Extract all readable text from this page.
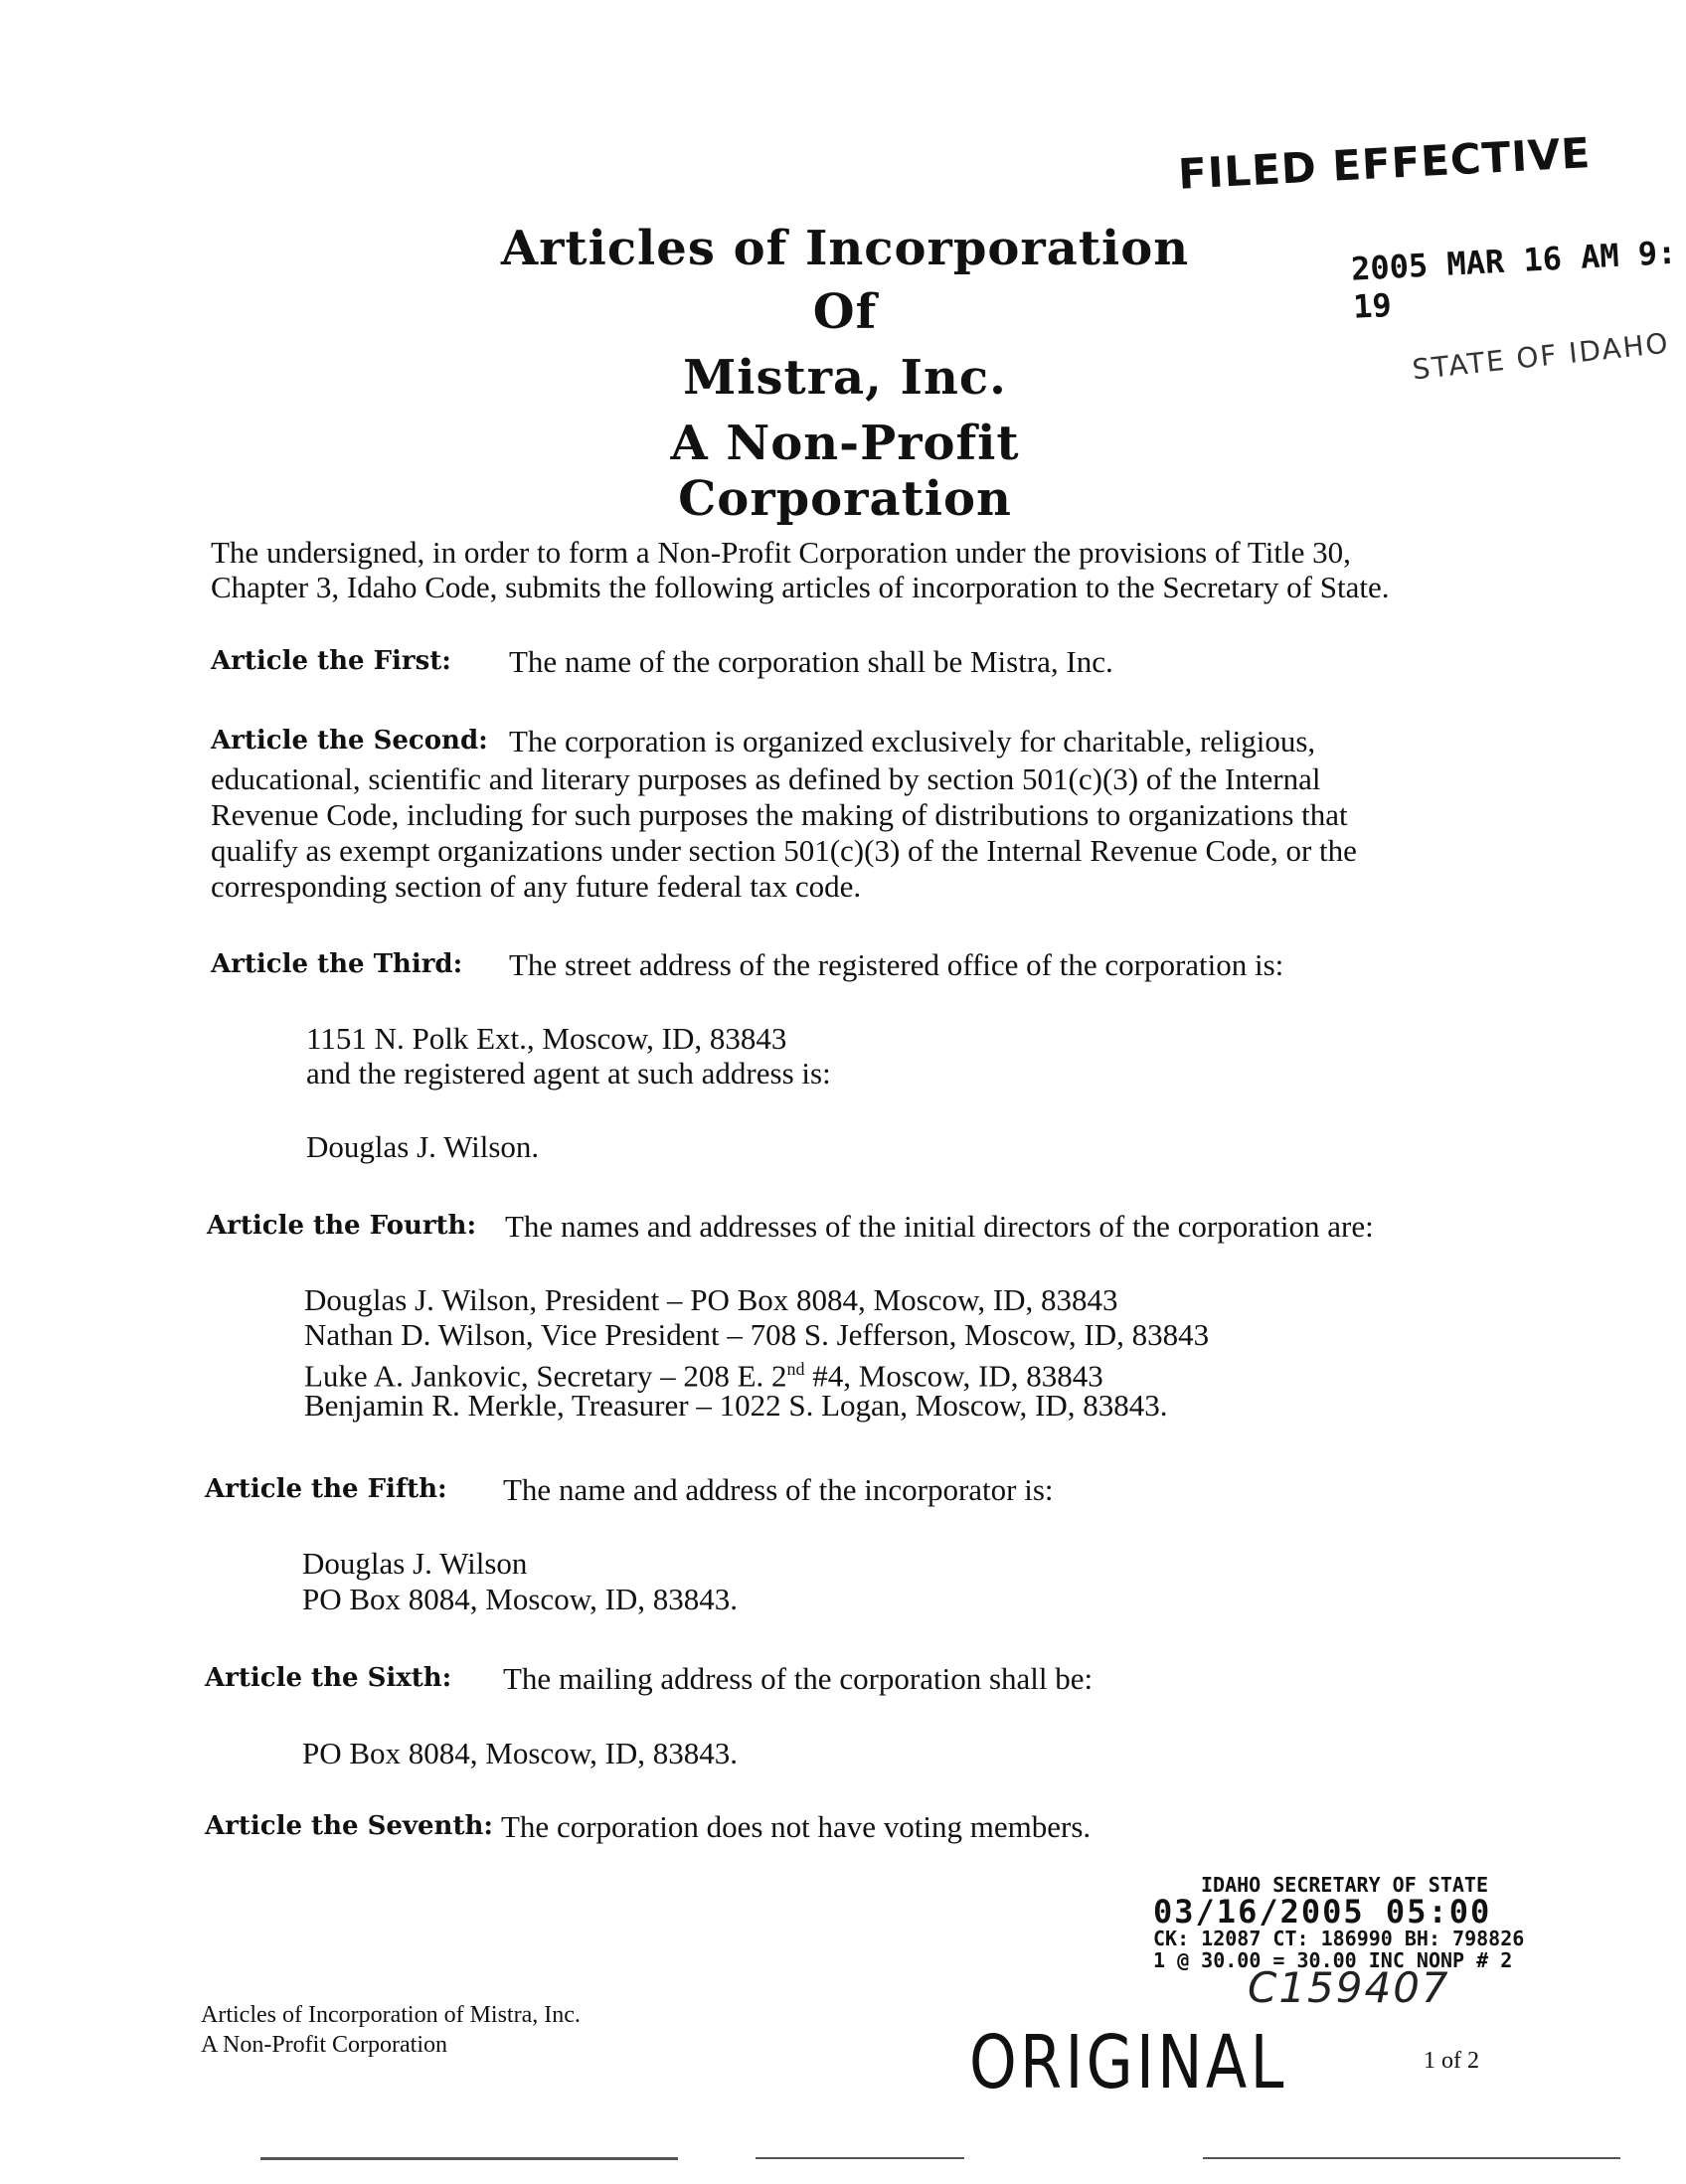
Articles of Incorporation
Of
Mistra, Inc.
A Non-Profit Corporation
FILED EFFECTIVE
2005 MAR 16 AM 9: 19
STATE OF IDAHO
The undersigned, in order to form a Non-Profit Corporation under the provisions of Title 30,
Chapter 3, Idaho Code, submits the following articles of incorporation to the Secretary of State.
Article the First: The name of the corporation shall be Mistra, Inc.
Article the Second: The corporation is organized exclusively for charitable, religious,
educational, scientific and literary purposes as defined by section 501(c)(3) of the Internal
Revenue Code, including for such purposes the making of distributions to organizations that
qualify as exempt organizations under section 501(c)(3) of the Internal Revenue Code, or the
corresponding section of any future federal tax code.
Article the Third: The street address of the registered office of the corporation is:
1151 N. Polk Ext., Moscow, ID, 83843
and the registered agent at such address is:
Douglas J. Wilson.
Article the Fourth: The names and addresses of the initial directors of the corporation are:
Douglas J. Wilson, President – PO Box 8084, Moscow, ID, 83843
Nathan D. Wilson, Vice President – 708 S. Jefferson, Moscow, ID, 83843
Luke A. Jankovic, Secretary – 208 E. 2nd #4, Moscow, ID, 83843
Benjamin R. Merkle, Treasurer – 1022 S. Logan, Moscow, ID, 83843.
Article the Fifth: The name and address of the incorporator is:
Douglas J. Wilson
PO Box 8084, Moscow, ID, 83843.
Article the Sixth: The mailing address of the corporation shall be:
PO Box 8084, Moscow, ID, 83843.
Article the Seventh: The corporation does not have voting members.
IDAHO SECRETARY OF STATE
03/16/2005 05:00
CK: 12087 CT: 186990 BH: 798826
1 @ 30.00 = 30.00 INC NONP # 2
C159407
ORIGINAL
Articles of Incorporation of Mistra, Inc.
A Non-Profit Corporation
1 of 2
